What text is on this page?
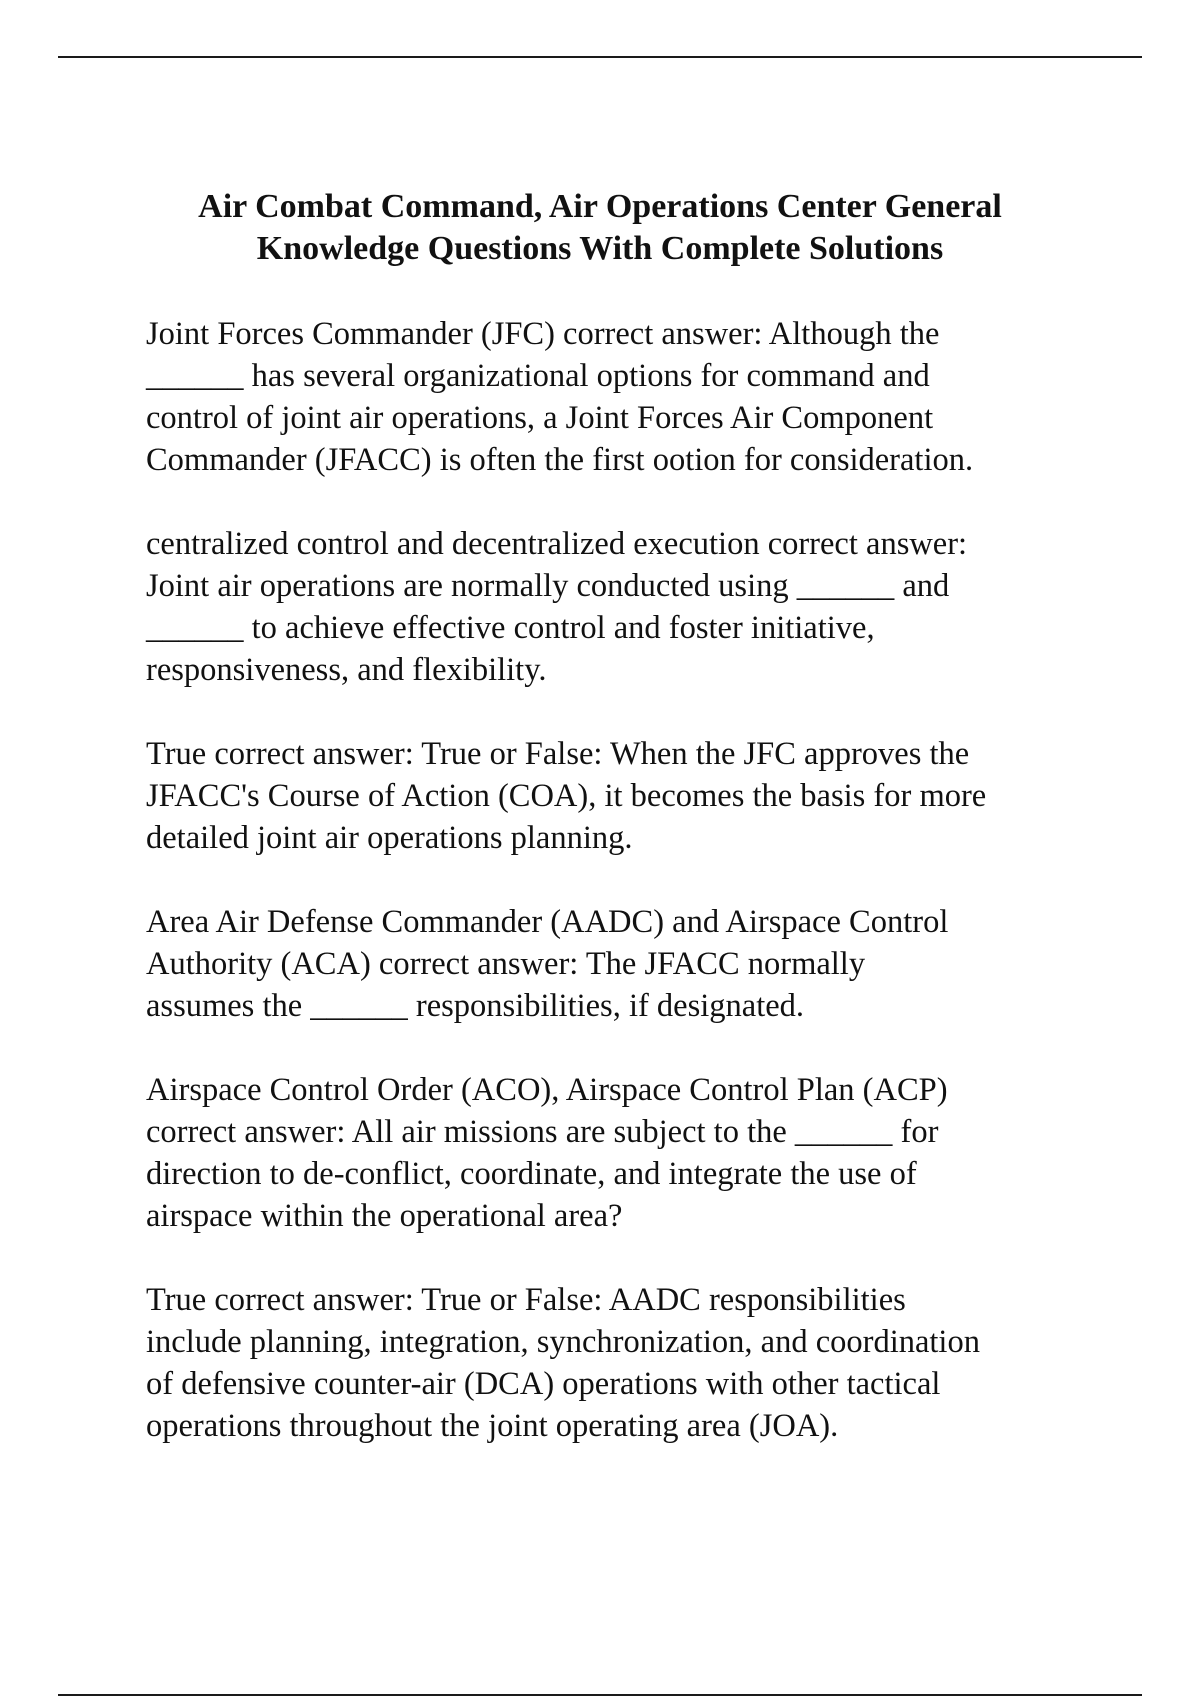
Air Combat Command, Air Operations Center General
Knowledge Questions With Complete Solutions

Joint Forces Commander (JFC) correct answer: Although the
______ has several organizational options for command and
control of joint air operations, a Joint Forces Air Component
Commander (JFACC) is often the first ootion for consideration.

centralized control and decentralized execution correct answer:
Joint air operations are normally conducted using ______ and
______ to achieve effective control and foster initiative,
responsiveness, and flexibility.

True correct answer: True or False: When the JFC approves the
JFACC's Course of Action (COA), it becomes the basis for more
detailed joint air operations planning.

Area Air Defense Commander (AADC) and Airspace Control
Authority (ACA) correct answer: The JFACC normally
assumes the ______ responsibilities, if designated.

Airspace Control Order (ACO), Airspace Control Plan (ACP)
correct answer: All air missions are subject to the ______ for
direction to de-conflict, coordinate, and integrate the use of
airspace within the operational area?

True correct answer: True or False: AADC responsibilities
include planning, integration, synchronization, and coordination
of defensive counter-air (DCA) operations with other tactical
operations throughout the joint operating area (JOA).
